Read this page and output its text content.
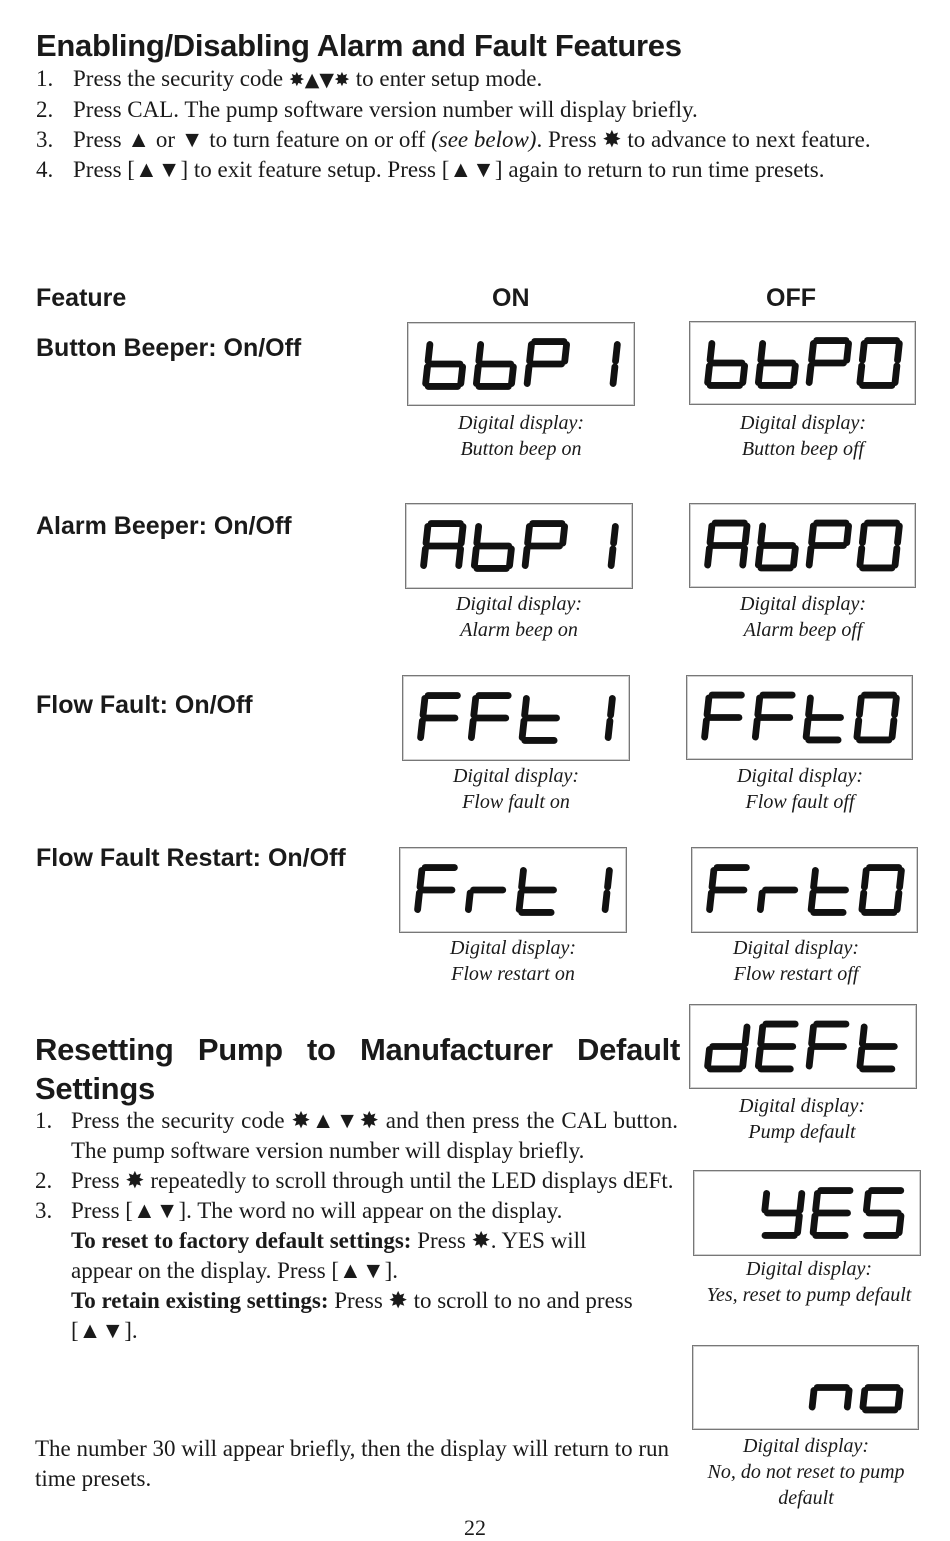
Enabling/Disabling Alarm and Fault Features
1. Press the security code ✸▲▼✸ to enter setup mode.
2. Press CAL. The pump software version number will display briefly.
3. Press ▲ or ▼ to turn feature on or off (see below). Press ✸ to advance to next feature.
4. Press [▲▼] to exit feature setup. Press [▲▼] again to return to run time presets.
Feature	ON	OFF
Button Beeper: On/Off
Digital display:
Button beep on
Digital display:
Button beep off
Alarm Beeper: On/Off
Digital display:
Alarm beep on
Digital display:
Alarm beep off
Flow Fault: On/Off
Digital display:
Flow fault on
Digital display:
Flow fault off
Flow Fault Restart: On/Off
Digital display:
Flow restart on
Digital display:
Flow restart off
Resetting Pump to Manufacturer Default
Settings
1. Press the security code ✸▲▼✸ and then press the CAL button. The pump software version number will display briefly.
2. Press ✸ repeatedly to scroll through until the LED displays dEFt.
3. Press [▲▼]. The word no will appear on the display.
To reset to factory default settings: Press ✸. YES will appear on the display. Press [▲▼].
To retain existing settings: Press ✸ to scroll to no and press [▲▼].

The number 30 will appear briefly, then the display will return to run time presets.

Digital display:
Pump default
Digital display:
Yes, reset to pump default
Digital display:
No, do not reset to pump default
22
